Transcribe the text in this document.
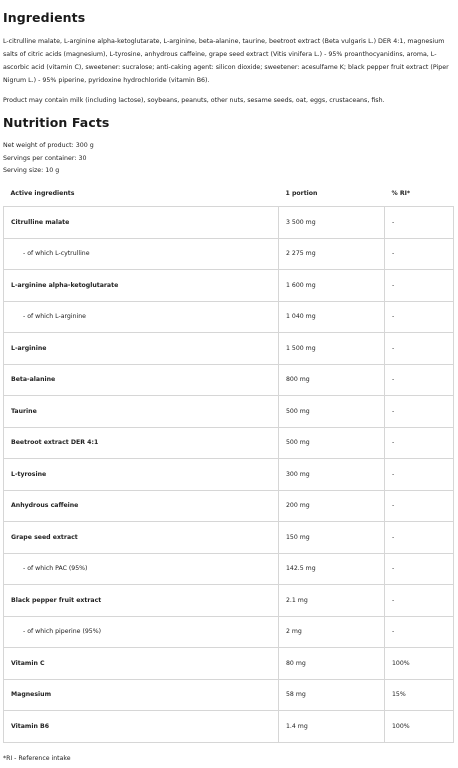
Ingredients
L-citrulline malate, L-arginine alpha-ketoglutarate, L-arginine, beta-alanine, taurine, beetroot extract (Beta vulgaris L.) DER 4:1, magnesium salts of citric acids (magnesium), L-tyrosine, anhydrous caffeine, grape seed extract (Vitis vinifera L.) - 95% proanthocyanidins, aroma, L-ascorbic acid (vitamin C), sweetener: sucralose; anti-caking agent: silicon dioxide; sweetener: acesulfame K; black pepper fruit extract (Piper Nigrum L.) - 95% piperine, pyridoxine hydrochloride (vitamin B6).
Product may contain milk (including lactose), soybeans, peanuts, other nuts, sesame seeds, oat, eggs, crustaceans, fish.
Nutrition Facts
Net weight of product: 300 g
Servings per container: 30
Serving size: 10 g
Active ingredients	1 portion	% RI*
Citrulline malate	3 500 mg	-
- of which L-cytrulline	2 275 mg	-
L-arginine alpha-ketoglutarate	1 600 mg	-
- of which L-arginine	1 040 mg	-
L-arginine	1 500 mg	-
Beta-alanine	800 mg	-
Taurine	500 mg	-
Beetroot extract DER 4:1	500 mg	-
L-tyrosine	300 mg	-
Anhydrous caffeine	200 mg	-
Grape seed extract	150 mg	-
- of which PAC (95%)	142.5 mg	-
Black pepper fruit extract	2.1 mg	-
- of which piperine (95%)	2 mg	-
Vitamin C	80 mg	100%
Magnesium	58 mg	15%
Vitamin B6	1.4 mg	100%
*RI - Reference intake
